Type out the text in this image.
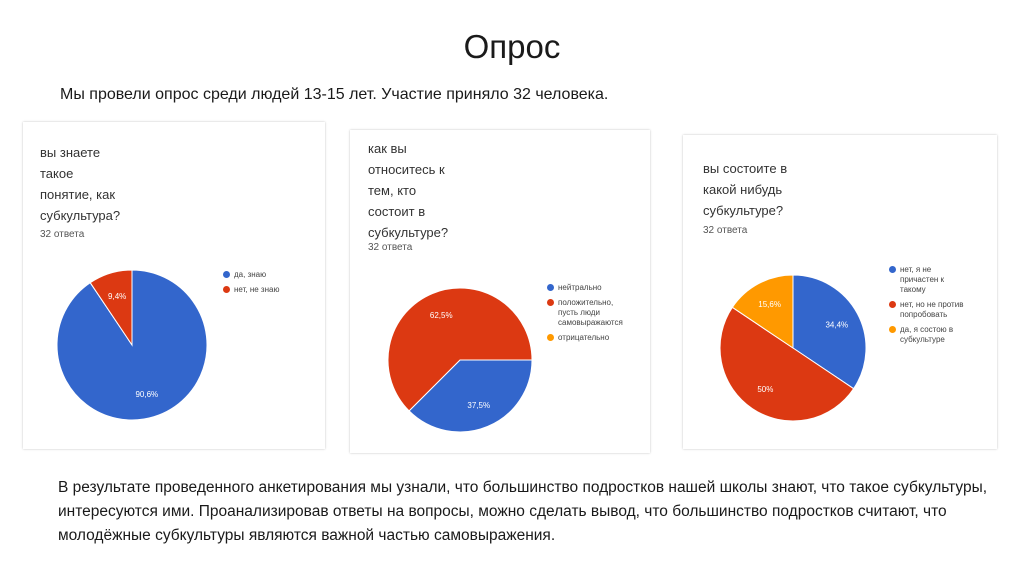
Опрос
Мы провели опрос среди людей 13-15 лет. Участие приняло 32 человека.
вы знаете
такое
понятие, как
субкультура?
32 ответа
90,6%
9,4%
да, знаю
нет, не знаю
как вы
относитесь к
тем, кто
состоит в
субкультуре?
32 ответа
37,5%
62,5%
нейтрально
положительно,
пусть люди
самовыражаются
отрицательно
вы состоите в
какой нибудь
субкультуре?
32 ответа
34,4%
50%
15,6%
нет, я не
причастен к
такому
нет, но не против
попробовать
да, я состою в
субкультуре
В результате проведенного анкетирования мы узнали, что большинство подростков нашей школы знают, что такое субкультуры, интересуются ими. Проанализировав ответы на вопросы, можно сделать вывод, что большинство подростков считают, что молодёжные субкультуры являются важной частью самовыражения.
